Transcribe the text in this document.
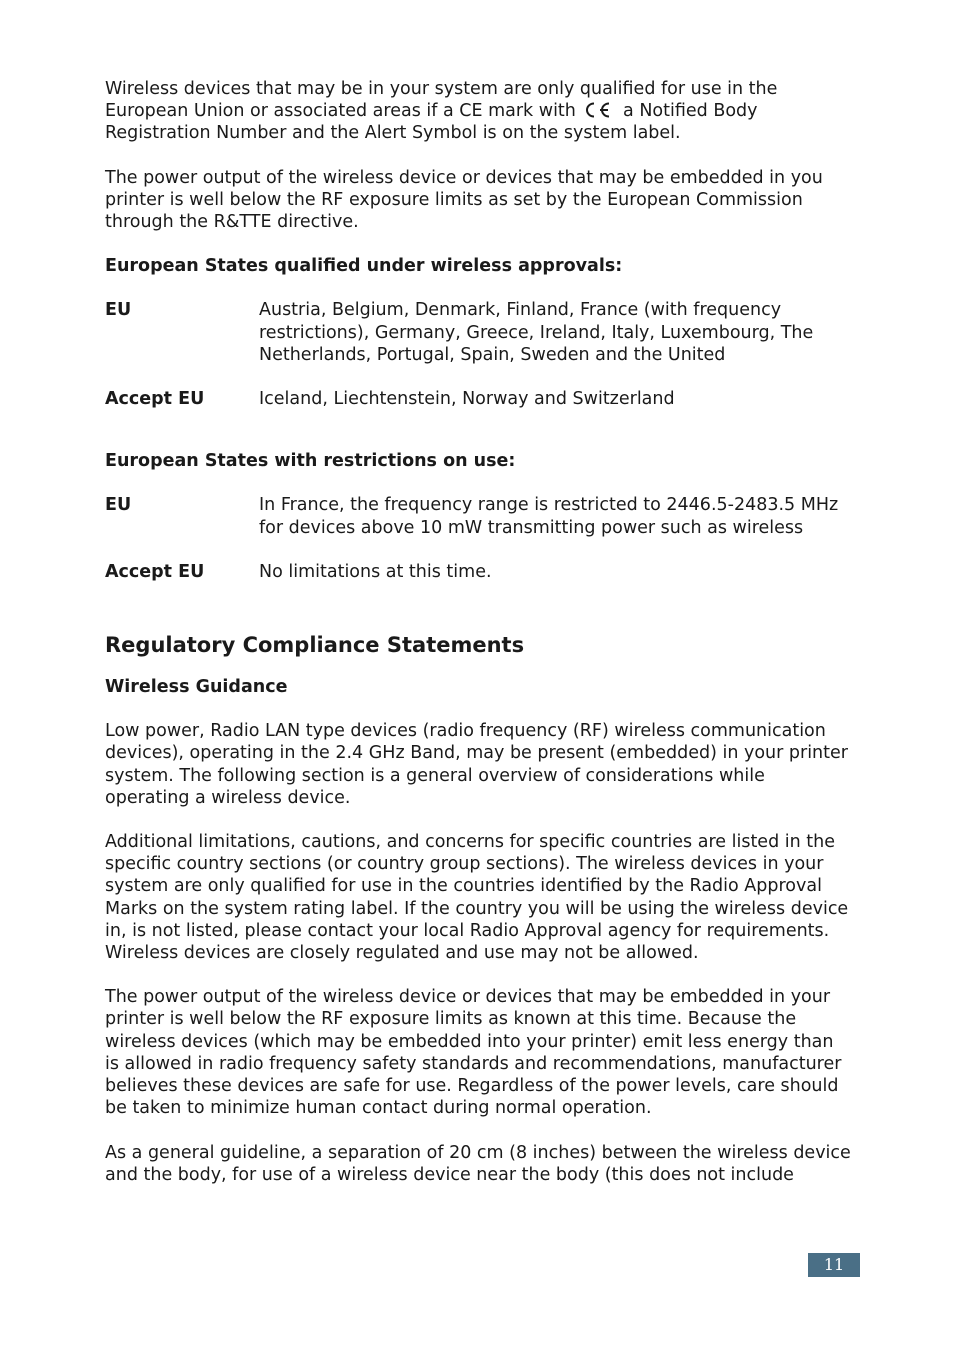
Wireless devices that may be in your system are only qualified for use in the European Union or associated areas if a CE mark with	a Notified Body Registration Number and the Alert Symbol is on the system label.

The power output of the wireless device or devices that may be embedded in you printer is well below the RF exposure limits as set by the European Commission through the R&TTE directive.

European States qualified under wireless approvals:
EU	Austria, Belgium, Denmark, Finland, France (with frequency restrictions), Germany, Greece, Ireland, Italy, Luxembourg, The Netherlands, Portugal, Spain, Sweden and the United
Accept EU	Iceland, Liechtenstein, Norway and Switzerland
European States with restrictions on use:
EU	In France, the frequency range is restricted to 2446.5-2483.5 MHz for devices above 10 mW transmitting power such as wireless
Accept EU	No limitations at this time.
Regulatory Compliance Statements
Wireless Guidance

Low power, Radio LAN type devices (radio frequency (RF) wireless communication devices), operating in the 2.4 GHz Band, may be present (embedded) in your printer system. The following section is a general overview of considerations while operating a wireless device.

Additional limitations, cautions, and concerns for specific countries are listed in the specific country sections (or country group sections). The wireless devices in your system are only qualified for use in the countries identified by the Radio Approval Marks on the system rating label. If the country you will be using the wireless device in, is not listed, please contact your local Radio Approval agency for requirements. Wireless devices are closely regulated and use may not be allowed.

The power output of the wireless device or devices that may be embedded in your printer is well below the RF exposure limits as known at this time. Because the wireless devices (which may be embedded into your printer) emit less energy than is allowed in radio frequency safety standards and recommendations, manufacturer believes these devices are safe for use. Regardless of the power levels, care should be taken to minimize human contact during normal operation.

As a general guideline, a separation of 20 cm (8 inches) between the wireless device and the body, for use of a wireless device near the body (this does not include

11
